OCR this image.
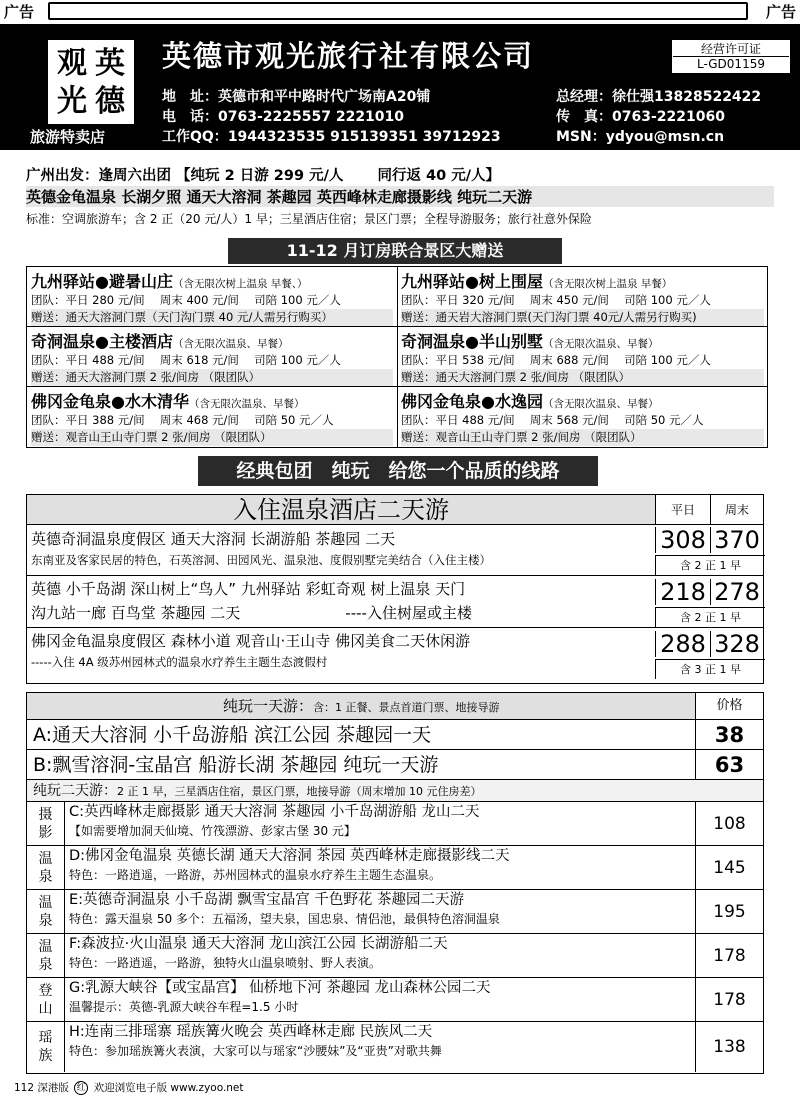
广告	广告
观 英
光 德
旅游特卖店
英德市观光旅行社有限公司	经营许可证
L-GD01159
地　址：英德市和平中路时代广场南A20铺
电　话：0763-2225557 2221010
工作QQ：1944323535 915139351 39712923
总经理：徐仕强13828522422
传　真：0763-2221060
MSN：ydyou@msn.cn
广州出发：逢周六出团 【纯玩 2 日游 299 元/人　　 同行返 40 元/人】
英德金龟温泉 长湖夕照 通天大溶洞 茶趣园 英西峰林走廊摄影线 纯玩二天游
标准：空调旅游车；含 2 正（20 元/人）1 早；三星酒店住宿；景区门票；全程导游服务；旅行社意外保险
11-12 月订房联合景区大赠送
九州驿站●避暑山庄（含无限次树上温泉 早餐、）
团队：平日 280 元/间　 周末 400 元/间　 司陪 100 元／人
赠送：通天大溶洞门票（天门沟门票 40 元/人需另行购买）
九州驿站●树上围屋（含无限次树上温泉 早餐）
团队：平日 320 元/间　 周末 450 元/间　 司陪 100 元／人
赠送：通天岩大溶洞门票(天门沟门票 40元/人需另行购买)
奇洞温泉●主楼酒店（含无限次温泉、早餐）
团队：平日 488 元/间　 周末 618 元/间　 司陪 100 元／人
赠送：通天大溶洞门票 2 张/间房 （限团队）
奇洞温泉●半山别墅（含无限次温泉、早餐）
团队：平日 538 元/间　 周末 688 元/间　 司陪 100 元／人
赠送：通天大溶洞门票 2 张/间房 （限团队）
佛冈金龟泉●水木清华（含无限次温泉、早餐）
团队：平日 388 元/间　 周末 468 元/间　 司陪 50 元／人
赠送：观音山王山寺门票 2 张/间房 （限团队）
佛冈金龟泉●水逸园（含无限次温泉、早餐）
团队：平日 488 元/间　 周末 568 元/间　 司陪 50 元／人
赠送：观音山王山寺门票 2 张/间房 （限团队）
经典包团　纯玩　给您一个品质的线路
入住温泉酒店二天游	平日	周末
英德奇洞温泉度假区 通天大溶洞 长湖游船 茶趣园 二天
东南亚及客家民居的特色，石英溶洞、田园风光、温泉池、度假别墅完美结合（入住主楼）
308 370
含 2 正 1 早
英德 小千岛湖 深山树上“鸟人” 九州驿站 彩虹奇观 树上温泉 天门
沟九站一廊 百鸟堂 茶趣园 二天　　　　　　　----入住树屋或主楼
218 278
含 2 正 1 早
佛冈金龟温泉度假区 森林小道 观音山·王山寺 佛冈美食二天休闲游
-----入住 4A 级苏州园林式的温泉水疗养生主题生态渡假村
288 328
含 3 正 1 早
纯玩一天游：含：1 正餐、景点首道门票、地接导游	价格
A:通天大溶洞 小千岛游船 滨江公园 茶趣园一天	38
B:飘雪溶洞-宝晶宫 船游长湖 茶趣园 纯玩一天游	63
纯玩二天游：2 正 1 早，三星酒店住宿，景区门票，地接导游（周末增加 10 元住房差）
摄
影
C:英西峰林走廊摄影 通天大溶洞 茶趣园 小千岛湖游船 龙山二天
【如需要增加洞天仙境、竹筏漂游、彭家古堡 30 元】	108
温
泉
D:佛冈金龟温泉 英德长湖 通天大溶洞 茶园 英西峰林走廊摄影线二天
特色：一路逍遥，一路游，苏州园林式的温泉水疗养生主题生态温泉。	145
温
泉
E:英德奇洞温泉 小千岛湖 飘雪宝晶宫 千色野花 茶趣园二天游
特色：露天温泉 50 多个：五福汤，望夫泉，国忠泉、情侣池，最俱特色溶洞温泉	195
温
泉
F:森波拉·火山温泉 通天大溶洞 龙山滨江公园 长湖游船二天
特色：一路逍遥，一路游，独特火山温泉喷射、野人表演。	178
登
山
G:乳源大峡谷【或宝晶宫】 仙桥地下河 茶趣园 龙山森林公园二天
温馨提示：英德-乳源大峡谷车程=1.5 小时	178
瑶
族
H:连南三排瑶寨 瑶族篝火晚会 英西峰林走廊 民族风二天
特色：参加瑶族篝火表演，大家可以与瑶家“沙腰妹”及“亚贵”对歌共舞	138
112 深港版 红 欢迎浏览电子版 www.zyoo.net
